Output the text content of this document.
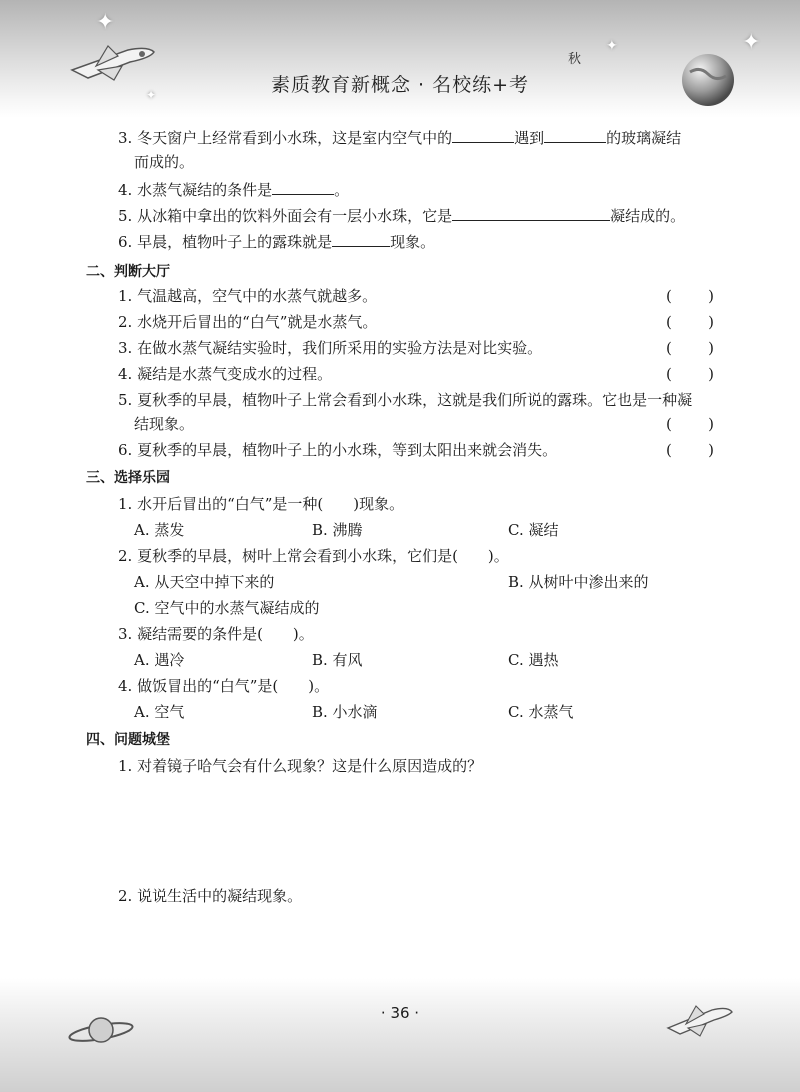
✦
✦
✦
✦
秋
素质教育新概念 · 名校练+考
3. 冬天窗户上经常看到小水珠，这是室内空气中的	遇到	的玻璃凝结
而成的。
4. 水蒸气凝结的条件是	。
5. 从冰箱中拿出的饮料外面会有一层小水珠，它是	凝结成的。
6. 早晨，植物叶子上的露珠就是	现象。
二、判断大厅
1. 气温越高，空气中的水蒸气就越多。	( )
2. 水烧开后冒出的“白气”就是水蒸气。	( )
3. 在做水蒸气凝结实验时，我们所采用的实验方法是对比实验。	( )
4. 凝结是水蒸气变成水的过程。	( )
5. 夏秋季的早晨，植物叶子上常会看到小水珠，这就是我们所说的露珠。它也是一种凝
结现象。	( )
6. 夏秋季的早晨，植物叶子上的小水珠，等到太阳出来就会消失。	( )
三、选择乐园
1. 水开后冒出的“白气”是一种(　　)现象。
A. 蒸发	B. 沸腾	C. 凝结
2. 夏秋季的早晨，树叶上常会看到小水珠，它们是(　　)。
A. 从天空中掉下来的	B. 从树叶中渗出来的
C. 空气中的水蒸气凝结成的
3. 凝结需要的条件是(　　)。
A. 遇冷	B. 有风	C. 遇热
4. 做饭冒出的“白气”是(　　)。
A. 空气	B. 小水滴	C. 水蒸气
四、问题城堡
1. 对着镜子哈气会有什么现象？这是什么原因造成的？
2. 说说生活中的凝结现象。
· 36 ·
